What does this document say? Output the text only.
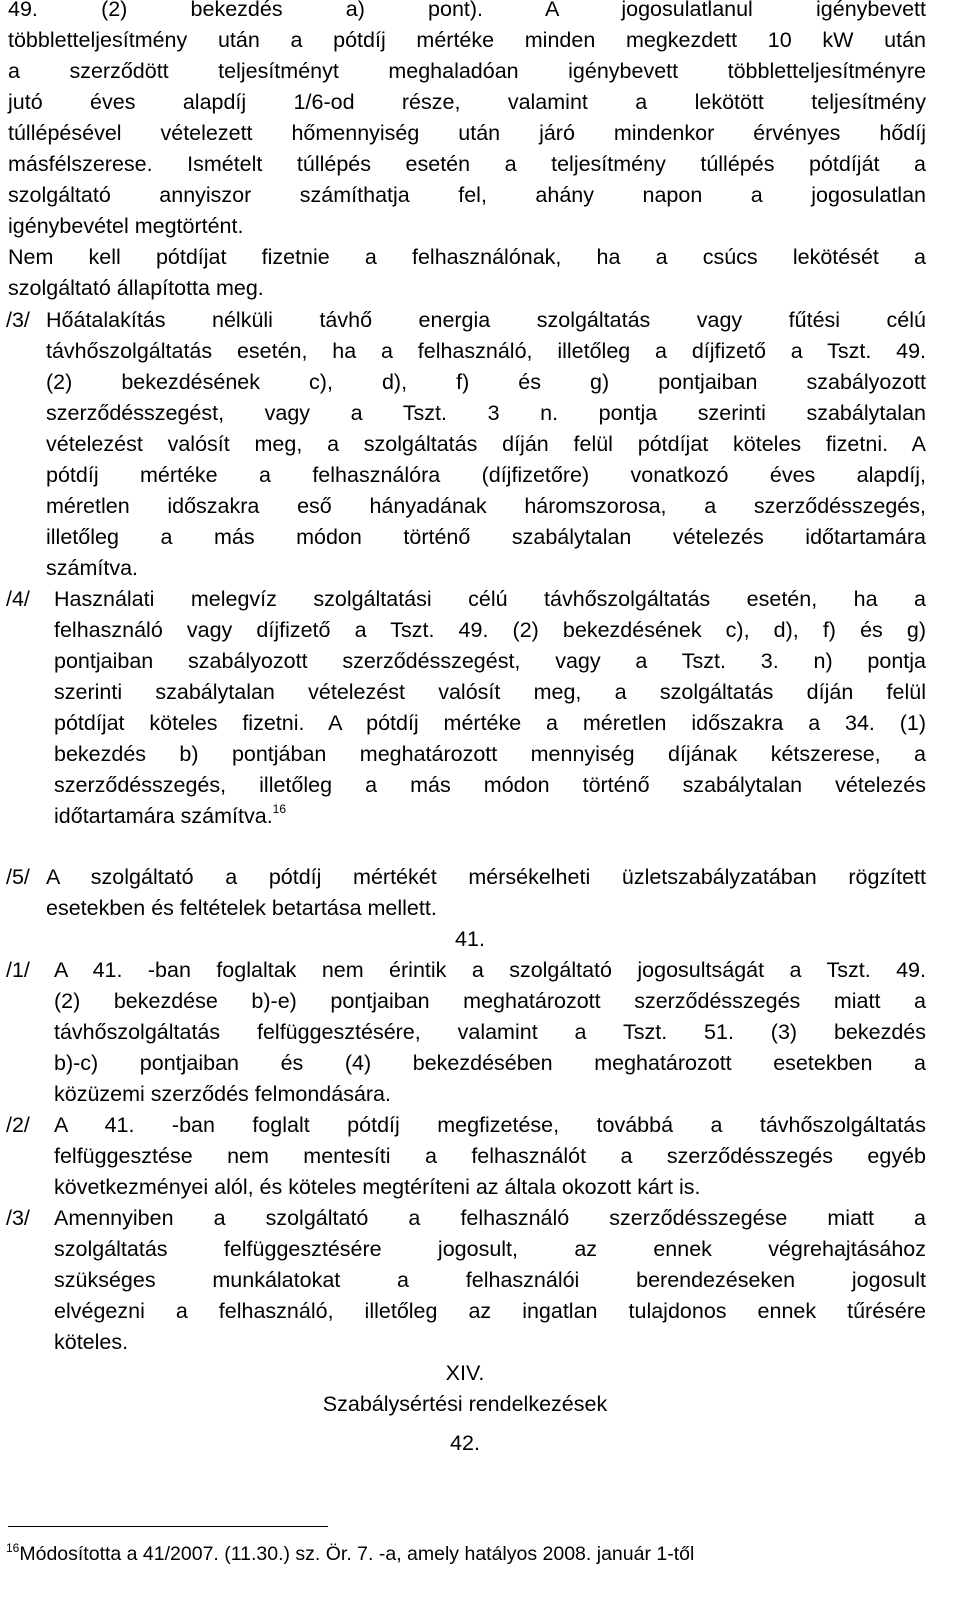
49. (2) bekezdés a) pont). A jogosulatlanul igénybevett
többletteljesítmény után a pótdíj mértéke minden megkezdett 10 kW után
a szerződött teljesítményt meghaladóan igénybevett többletteljesítményre
jutó éves alapdíj 1/6-od része, valamint a lekötött teljesítmény
túllépésével vételezett hőmennyiség után járó mindenkor érvényes hődíj
másfélszerese. Ismételt túllépés esetén a teljesítmény túllépés pótdíját a
szolgáltató annyiszor számíthatja fel, ahány napon a jogosulatlan
igénybevétel megtörtént.
Nem kell pótdíjat fizetnie a felhasználónak, ha a csúcs lekötését a
szolgáltató állapította meg.
/3/ Hőátalakítás nélküli távhő energia szolgáltatás vagy fűtési célú
távhőszolgáltatás esetén, ha a felhasználó, illetőleg a díjfizető a Tszt. 49.
(2) bekezdésének c), d), f) és g) pontjaiban szabályozott
szerződésszegést, vagy a Tszt. 3 n. pontja szerinti szabálytalan
vételezést valósít meg, a szolgáltatás díján felül pótdíjat köteles fizetni. A
pótdíj mértéke a felhasználóra (díjfizetőre) vonatkozó éves alapdíj,
méretlen időszakra eső hányadának háromszorosa, a szerződésszegés,
illetőleg a más módon történő szabálytalan vételezés időtartamára
számítva.
/4/ Használati melegvíz szolgáltatási célú távhőszolgáltatás esetén, ha a
felhasználó vagy díjfizető a Tszt. 49. (2) bekezdésének c), d), f) és g)
pontjaiban szabályozott szerződésszegést, vagy a Tszt. 3. n) pontja
szerinti szabálytalan vételezést valósít meg, a szolgáltatás díján felül
pótdíjat köteles fizetni. A pótdíj mértéke a méretlen időszakra a 34. (1)
bekezdés b) pontjában meghatározott mennyiség díjának kétszerese, a
szerződésszegés, illetőleg a más módon történő szabálytalan vételezés
időtartamára számítva.$^{16}$
/5/ A szolgáltató a pótdíj mértékét mérsékelheti üzletszabályzatában rögzített
esetekben és feltételek betartása mellett.
41.
/1/ A 41. -ban foglaltak nem érintik a szolgáltató jogosultságát a Tszt. 49.
(2) bekezdése b)-e) pontjaiban meghatározott szerződésszegés miatt a
távhőszolgáltatás felfüggesztésére, valamint a Tszt. 51. (3) bekezdés
b)-c) pontjaiban és (4) bekezdésében meghatározott esetekben a
közüzemi szerződés felmondására.
/2/ A 41. -ban foglalt pótdíj megfizetése, továbbá a távhőszolgáltatás
felfüggesztése nem mentesíti a felhasználót a szerződésszegés egyéb
következményei alól, és köteles megtéríteni az általa okozott kárt is.
/3/ Amennyiben a szolgáltató a felhasználó szerződésszegése miatt a
szolgáltatás felfüggesztésére jogosult, az ennek végrehajtásához
szükséges munkálatokat a felhasználói berendezéseken jogosult
elvégezni a felhasználó, illetőleg az ingatlan tulajdonos ennek tűrésére
köteles.
XIV.
Szabálysértési rendelkezések
42.
$^{16}$Módosította a 41/2007. (11.30.) sz. Ör. 7. -a, amely hatályos 2008. január 1-től
